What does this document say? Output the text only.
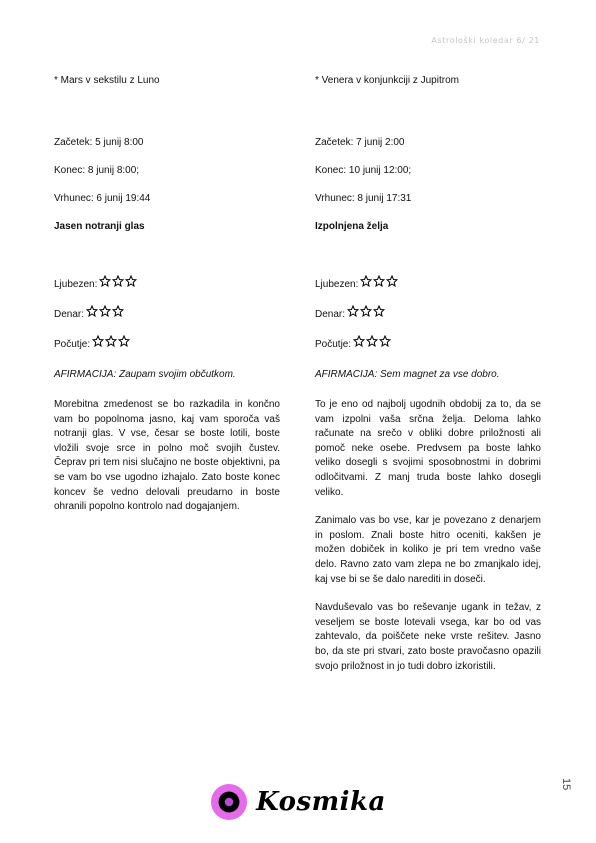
Astrološki koledar 6/ 21
* Mars v sekstilu z Luno
Začetek: 5 junij 8:00
Konec: 8 junij 8:00;
Vrhunec: 6 junij 19:44
Jasen notranji glas
Ljubezen:
Denar:
Počutje:
AFIRMACIJA: Zaupam svojim občutkom.

Morebitna zmedenost se bo razkadila in končno vam bo popolnoma jasno, kaj vam sporoča vaš notranji glas. V vse, česar se boste lotili, boste vložili svoje srce in polno moč svojih čustev. Čeprav pri tem nisi slučajno ne boste objektivni, pa se vam bo vse ugodno izhajalo. Zato boste konec koncev še vedno delovali preudarno in boste ohranili popolno kontrolo nad dogajanjem.

* Venera v konjunkciji z Jupitrom
Začetek: 7 junij 2:00
Konec: 10 junij 12:00;
Vrhunec: 8 junij 17:31
Izpolnjena želja
Ljubezen:
Denar:
Počutje:
AFIRMACIJA: Sem magnet za vse dobro.

To je eno od najbolj ugodnih obdobij za to, da se vam izpolni vaša srčna želja. Deloma lahko računate na srečo v obliki dobre priložnosti ali pomoč neke osebe. Predvsem pa boste lahko veliko dosegli s svojimi sposobnostmi in dobrimi odločitvami. Z manj truda boste lahko dosegli veliko.

Zanimalo vas bo vse, kar je povezano z denarjem in poslom. Znali boste hitro oceniti, kakšen je možen dobiček in koliko je pri tem vredno vaše delo. Ravno zato vam zlepa ne bo zmanjkalo idej, kaj vse bi se še dalo narediti in doseči.

Navduševalo vas bo reševanje ugank in težav, z veseljem se boste lotevali vsega, kar bo od vas zahtevalo, da poiščete neke vrste rešitev. Jasno bo, da ste pri stvari, zato boste pravočasno opazili svojo priložnost in jo tudi dobro izkoristili.

Kosmika
15
